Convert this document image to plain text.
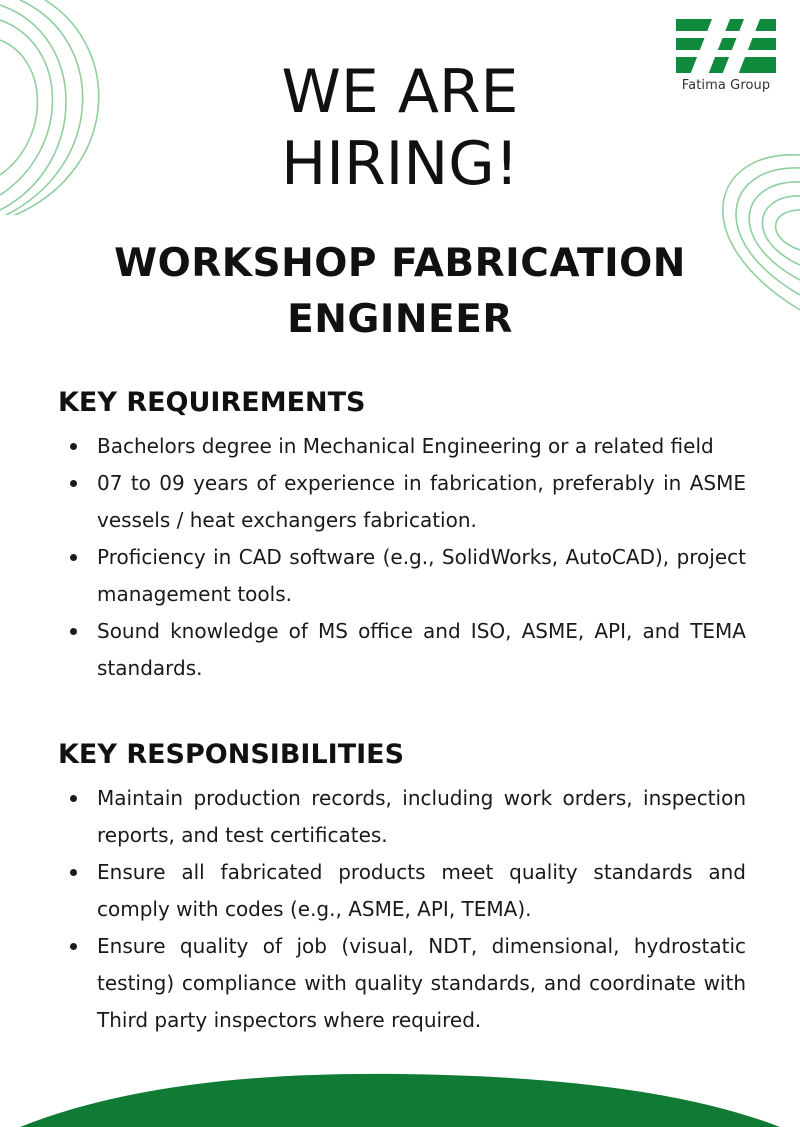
Fatima Group
WE ARE
HIRING!
WORKSHOP FABRICATION
ENGINEER
KEY REQUIREMENTS
Bachelors degree in Mechanical Engineering or a related field
07 to 09 years of experience in fabrication, preferably in ASME vessels / heat exchangers fabrication.
Proficiency in CAD software (e.g., SolidWorks, AutoCAD), project management tools.
Sound knowledge of MS office and ISO, ASME, API, and TEMA standards.
KEY RESPONSIBILITIES
Maintain production records, including work orders, inspection reports, and test certificates.
Ensure all fabricated products meet quality standards and comply with codes (e.g., ASME, API, TEMA).
Ensure quality of job (visual, NDT, dimensional, hydrostatic testing) compliance with quality standards, and coordinate with Third party inspectors where required.
